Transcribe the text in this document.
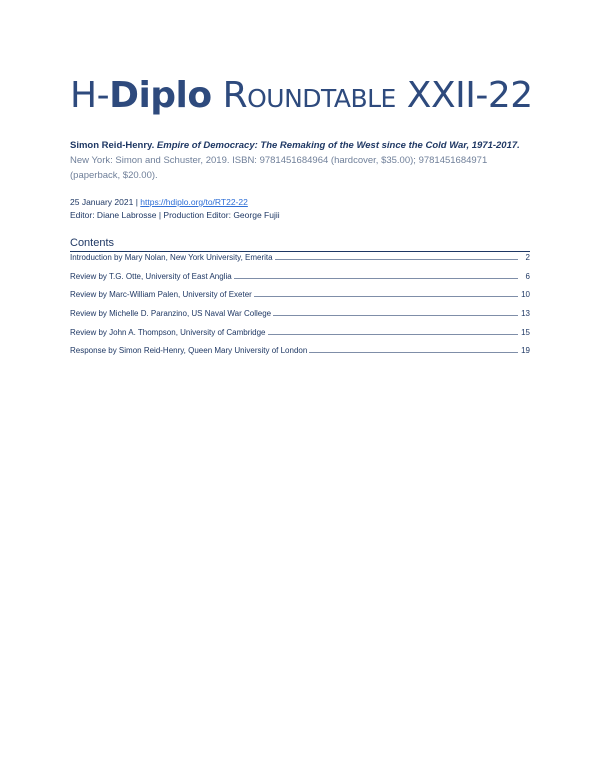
H-Diplo Roundtable XXII-22
Simon Reid-Henry. Empire of Democracy: The Remaking of the West since the Cold War, 1971-2017. New York: Simon and Schuster, 2019. ISBN: 9781451684964 (hardcover, $35.00); 9781451684971 (paperback, $20.00).
25 January 2021 | https://hdiplo.org/to/RT22-22
Editor: Diane Labrosse | Production Editor: George Fujii
Contents
Introduction by Mary Nolan, New York University, Emerita	2
Review by T.G. Otte, University of East Anglia	6
Review by Marc-William Palen, University of Exeter	10
Review by Michelle D. Paranzino, US Naval War College	13
Review by John A. Thompson, University of Cambridge	15
Response by Simon Reid-Henry, Queen Mary University of London	19
